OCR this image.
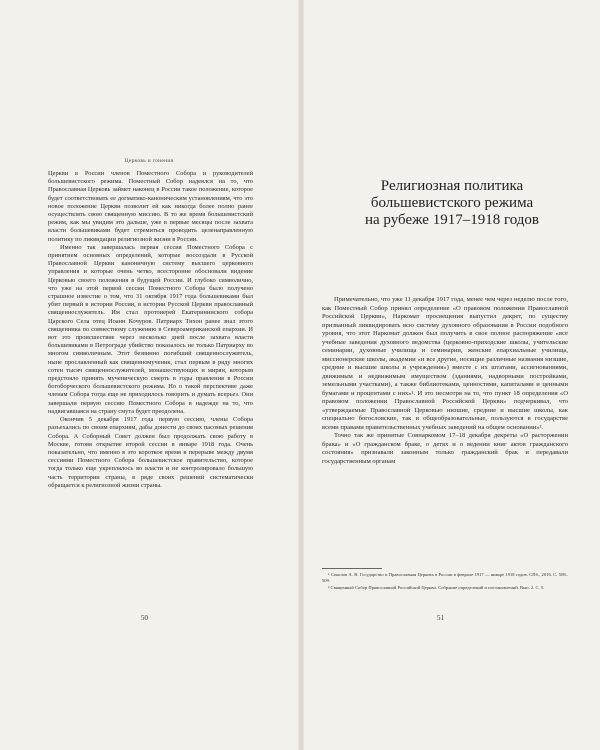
Церковь и гонения

Церкви в России членов Поместного Собора и руководителей большевистского режима. Поместный Собор надеялся на то, что Православная Церковь займет наконец в России такое положение, которое будет соответствовать ее догматико-каноническим установлениям, что это новое положение Церкви позволит ей как никогда более полно ранее осуществлять свою священную миссию. В то же время большевистский режим, как мы увидим это дальше, уже в первые месяцы после захвата власти большевиками будет стремиться проводить целенаправленную политику по ликвидации религиозной жизни в России.

Именно так завершалась первая сессия Поместного Собора с принятием основных определений, которые воссоздали в Русской Православной Церкви каноничную систему высшего церковного управления и которые очень четко, всесторонне обосновали видение Церковью своего положения в будущей России. И глубоко символично, что уже на этой первой сессии Поместного Собора было получено страшное известие о том, что 31 октября 1917 года большевиками был убит первый в истории России, в истории Русской Церкви православный священнослужитель. Им стал протоиерей Екатерининского собора Царского Села отец Иоанн Кочуров. Патриарх Тихон ранее знал этого священника по совместному служению в Североамериканской епархии. И вот это происшествие через несколько дней после захвата власти большевиками в Петрограде убийство показалось не только Патриарху во многом символичным. Этот безвинно погибший священнослужитель, ныне прославленный как священномученик, стал первым в ряду многих сотен тысяч священнослужителей, монашествующих и мирян, которым предстояло принять мученическую смерть в годы правления в России богоборческого большевистского режима. Но о такой перспективе даже членам Собора тогда еще не приходилось говорить и думать всерьез. Они завершали первую сессию Поместного Собора в надежде на то, что надвигавшаяся на страну смута будет преодолена.

Окончив 5 декабря 1917 года первую сессию, члены Собора разъехались по своим епархиям, дабы донести до своих пасомых решения Собора. А Соборный Совет должен был продолжать свою работу в Москве, готовя открытие второй сессии в январе 1918 года. Очень показательно, что именно в это короткое время в перерыве между двумя сессиями Поместного Собора большевистское правительство, которое тогда только еще укреплялось во власти и не контролировало большую часть территории страны, в ряде своих решений систематически обращается к религиозной жизни страны.

50
Религиозная политика
большевистского режима
на рубеже 1917–1918 годов

Примечательно, что уже 11 декабря 1917 года, менее чем через неделю после того, как Поместный Собор принял определение «О правовом положении Православной Российской Церкви», Наркомат просвещения выпустил декрет, по существу призванный ликвидировать всю систему духовного образования в России подобного уровня, что этот Наркомат должен был получить в свое полное распоряжение «все учебные заведения духовного ведомства (церковно-приходские школы, учительские семинарии, духовные училища и семинарии, женские епархиальные училища, миссионерские школы, академии «и все другие, носящие различные названия низшие, средние и высшие школы и учреждения») вместе с их штатами, ассигнованиями, движимым и недвижимым имуществом (зданиями, надворными постройками, земельными участками), а также библиотеками, ценностями, капиталами и ценными бумагами и процентами с них»¹. И это несмотря на то, что пункт 18 определения «О правовом положении Православной Российской Церкви» подчеркивал, что «утверждаемые Православной Церковью низшие, средние и высшие школы, как специально богословские, так и общеобразовательные, пользуются в государстве всеми правами правительственных учебных заведений на общем основании»².

Точно так же принятые Совнаркомом 17–18 декабря декреты «О расторжении брака» и «О гражданском браке, о детях и о ведении книг актов гражданского состояния» признавали законным только гражданский брак и передавали государственным органам

¹ Соколов А. В. Государство и Православная Церковь в России в феврале 1917 — январе 1918 годов. СПб., 2016. С. 508–509.

² Священный Собор Православной Российской Церкви. Собрание определений и постановлений. Вып. 2. С. 5.

51
